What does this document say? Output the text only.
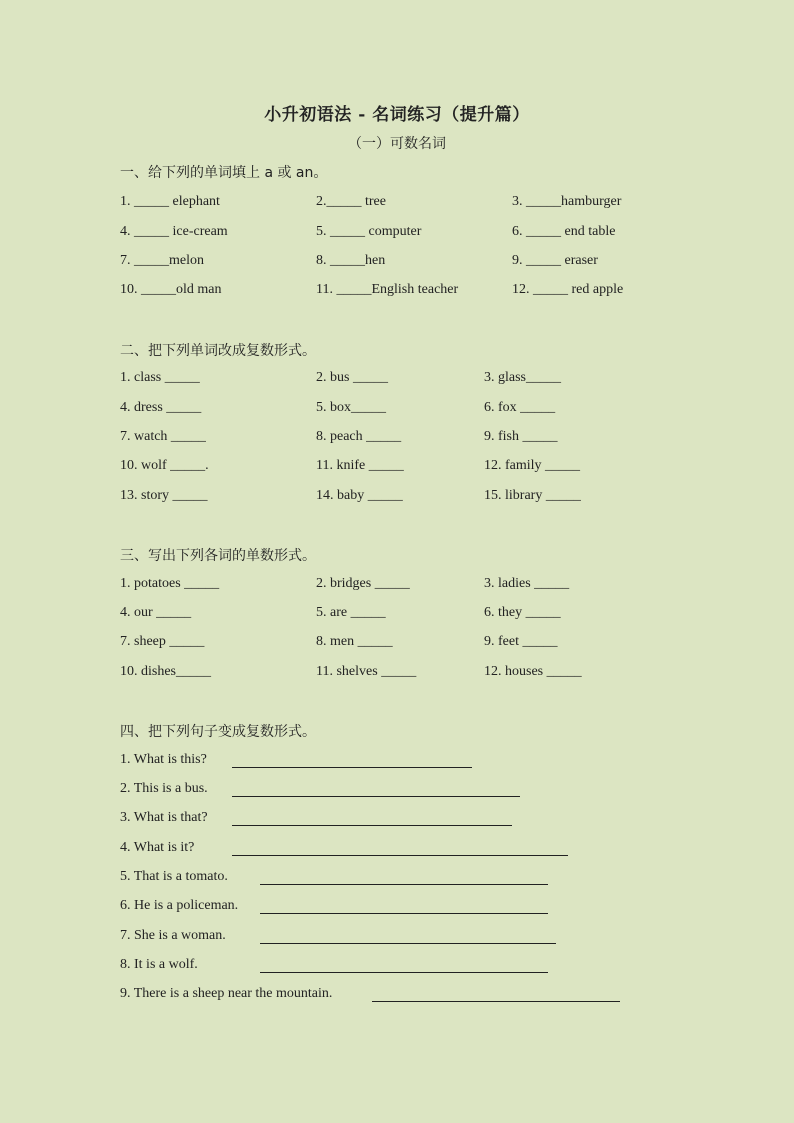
小升初语法 - 名词练习（提升篇）
（一）可数名词
一、给下列的单词填上 a 或 an。
1. _____ elephant	2._____ tree	3. _____hamburger
4. _____ ice-cream	5. _____ computer	6. _____ end table
7. _____melon	8. _____hen	9. _____ eraser
10. _____old man	11. _____English teacher	12. _____ red apple
二、把下列单词改成复数形式。
1. class _____	2. bus _____	3. glass_____
4. dress _____	5. box_____	6. fox _____
7. watch _____	8. peach _____	9. fish _____
10. wolf _____.	11. knife _____	12. family _____
13. story _____	14. baby _____	15. library _____
三、写出下列各词的单数形式。
1. potatoes _____	2. bridges _____	3. ladies _____
4. our _____	5. are _____	6. they _____
7. sheep _____	8. men _____	9. feet _____
10. dishes_____	11. shelves _____	12. houses _____
四、把下列句子变成复数形式。
1. What is this?
2. This is a bus.
3. What is that?
4. What is it?
5. That is a tomato.
6. He is a policeman.
7. She is a woman.
8. It is a wolf.
9. There is a sheep near the mountain.
